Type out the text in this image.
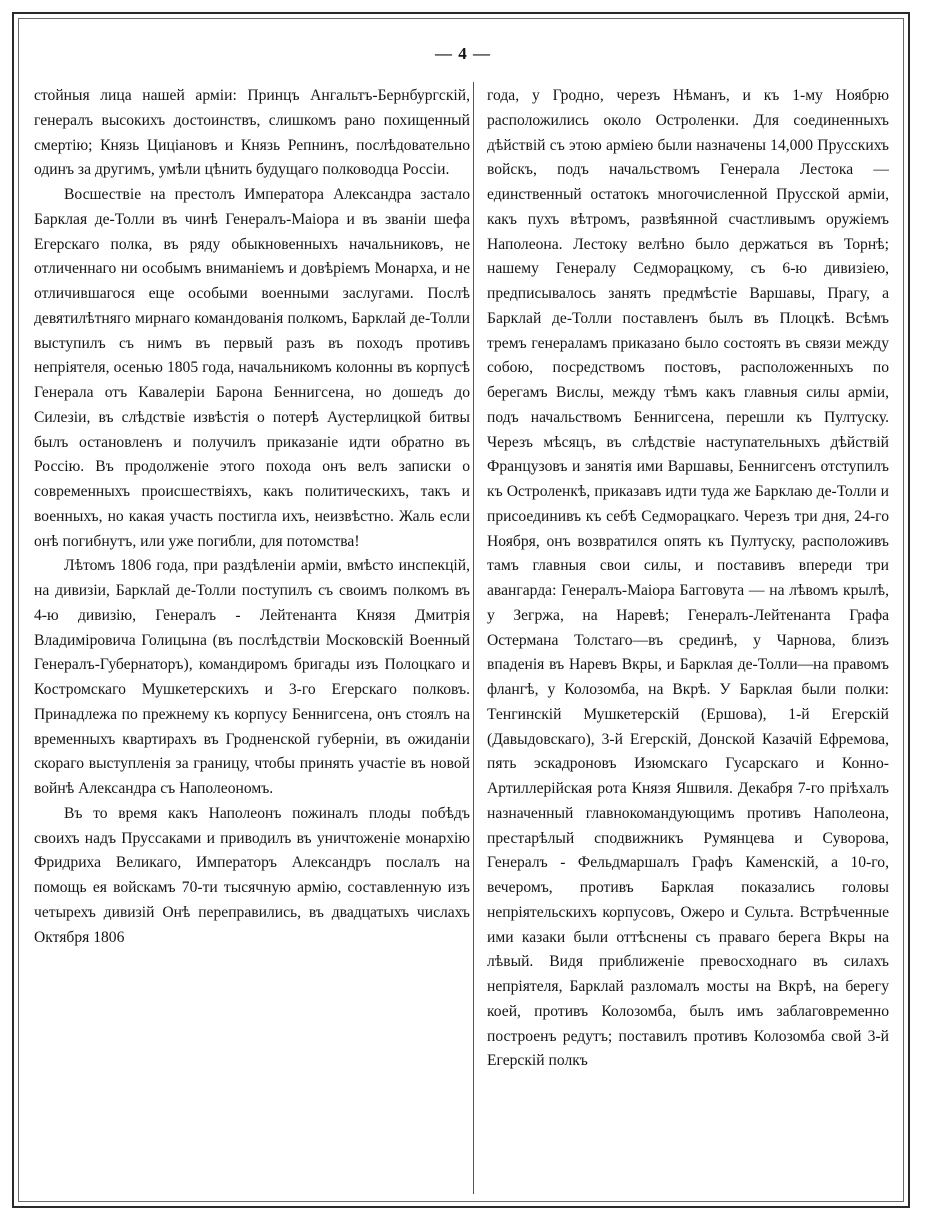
— 4 —

стойныя лица нашей арміи: Принцъ Ангальтъ-Бернбургскій, генералъ высокихъ достоинствъ, слишкомъ рано похищенный смертію; Князь Цицiановъ и Князь Репнинъ, послѣдовательно одинъ за другимъ, умѣли цѣнить будущаго полководца Россіи.

Восшествіе на престолъ Императора Александра застало Барклая де-Толли въ чинѣ Генералъ-Маіора и въ званіи шефа Егерскаго полка, въ ряду обыкновенныхъ начальниковъ, не отличеннаго ни особымъ вниманіемъ и довѣріемъ Монарха, и не отличившагося еще особыми военными заслугами. Послѣ девятилѣтняго мирнаго командованія полкомъ, Барклай де-Толли выступилъ съ нимъ въ первый разъ въ походъ противъ непріятеля, осенью 1805 года, начальникомъ колонны въ корпусѣ Генерала отъ Кавалеріи Барона Беннигсена, но дошедъ до Силезіи, въ слѣдствіе извѣстія о потерѣ Аустерлицкой битвы былъ остановленъ и получилъ приказаніе идти обратно въ Россію. Въ продолженіе этого похода онъ велъ записки о современныхъ происшествіяхъ, какъ политическихъ, такъ и военныхъ, но какая участь постигла ихъ, неизвѣстно. Жаль если онѣ погибнутъ, или уже погибли, для потомства!

Лѣтомъ 1806 года, при раздѣленіи арміи, вмѣсто инспекцій, на дивизіи, Барклай де-Толли поступилъ съ своимъ полкомъ въ 4-ю дивизію, Генералъ - Лейтенанта Князя Дмитрія Владиміровича Голицына (въ послѣдствіи Московскій Военный Генералъ-Губернаторъ), командиромъ бригады изъ Полоцкаго и Костромскаго Мушкетерскихъ и 3-го Егерскаго полковъ. Принадлежа по прежнему къ корпусу Беннигсена, онъ стоялъ на временныхъ квартирахъ въ Гродненской губерніи, въ ожиданіи скораго выступленія за границу, чтобы принять участіе въ новой войнѣ Александра съ Наполеономъ.

Въ то время какъ Наполеонъ пожиналъ плоды побѣдъ своихъ надъ Пруссаками и приводилъ въ уничтоженіе монархію Фридриха Великаго, Императоръ Александръ послалъ на помощь ея войскамъ 70-ти тысячную армію, составленную изъ четырехъ дивизій Онѣ переправились, въ двадцатыхъ числахъ Октября 1806

года, у Гродно, черезъ Нѣманъ, и къ 1-му Ноябрю расположились около Остроленки. Для соединенныхъ дѣйствій съ этою арміею были назначены 14,000 Прусскихъ войскъ, подъ начальствомъ Генерала Лестока — единственный остатокъ многочисленной Прусской арміи, какъ пухъ вѣтромъ, развѣянной счастливымъ оружіемъ Наполеона. Лестоку велѣно было держаться въ Торнѣ; нашему Генералу Седморацкому, съ 6-ю дивизіею, предписывалось занять предмѣстіе Варшавы, Прагу, а Барклай де-Толли поставленъ былъ въ Плоцкѣ. Всѣмъ тремъ генераламъ приказано было состоять въ связи между собою, посредствомъ постовъ, расположенныхъ по берегамъ Вислы, между тѣмъ какъ главныя силы арміи, подъ начальствомъ Беннигсена, перешли къ Пултуску. Черезъ мѣсяцъ, въ слѣдствіе наступательныхъ дѣйствій Французовъ и занятія ими Варшавы, Беннигсенъ отступилъ къ Остроленкѣ, приказавъ идти туда же Барклаю де-Толли и присоединивъ къ себѣ Седморацкаго. Черезъ три дня, 24-го Ноября, онъ возвратился опять къ Пултуску, расположивъ тамъ главныя свои силы, и поставивъ впереди три авангарда: Генералъ-Маіора Багговута — на лѣвомъ крылѣ, у Зегржа, на Наревѣ; Генералъ-Лейтенанта Графа Остермана Толстаго—въ срединѣ, у Чарнова, близъ впаденія въ Наревъ Вкры, и Барклая де-Толли—на правомъ флангѣ, у Колозомба, на Вкрѣ. У Барклая были полки: Тенгинскій Мушкетерскій (Ершова), 1-й Егерскій (Давыдовскаго), 3-й Егерскій, Донской Казачій Ефремова, пять эскадроновъ Изюмскаго Гусарскаго и Конно-Артиллерійская рота Князя Яшвиля. Декабря 7-го пріѣхалъ назначенный главнокомандующимъ противъ Наполеона, престарѣлый сподвижникъ Румянцева и Суворова, Генералъ - Фельдмаршалъ Графъ Каменскій, а 10-го, вечеромъ, противъ Барклая показались головы непріятельскихъ корпусовъ, Ожеро и Сульта. Встрѣченные ими казаки были оттѣснены съ праваго берега Вкры на лѣвый. Видя приближеніе превосходнаго въ силахъ непріятеля, Барклай разломалъ мосты на Вкрѣ, на берегу коей, противъ Колозомба, былъ имъ заблаговременно построенъ редутъ; поставилъ противъ Колозомба свой 3-й Егерскій полкъ
